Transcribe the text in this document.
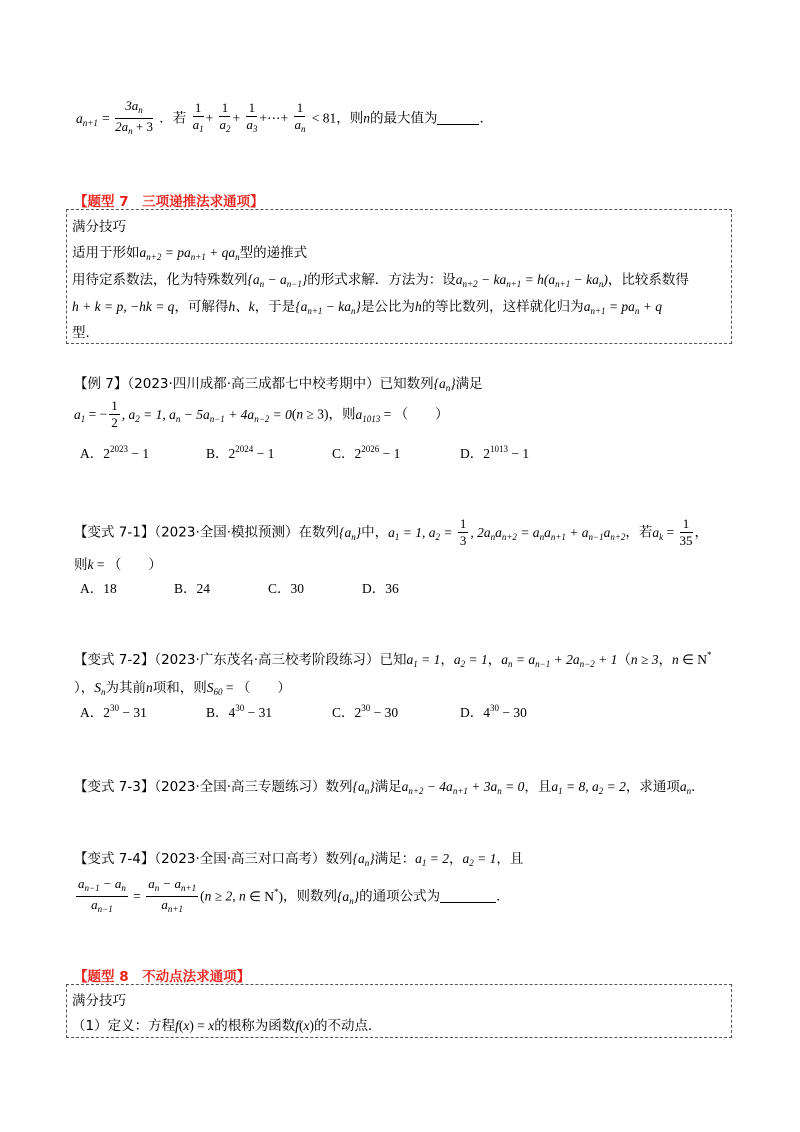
$a_{n+1} = \frac{3a_n}{2a_n + 3}$ ．若 $\frac{1}{a_1} + \frac{1}{a_2} + \frac{1}{a_3}$ +⋯+ $\frac{1}{a_n} < 81$，则n的最大值为	．
【题型 7　三项递推法求通项】
满分技巧
适用于形如$a_{n+2} = pa_{n+1} + qa_n$型的递推式
用待定系数法，化为特殊数列$\{a_n - a_{n-1}\}$的形式求解．方法为：设$a_{n+2} - ka_{n+1} = h(a_{n+1} - ka_n)$，比较系数得
h + k = p, −hk = q，可解得h、k，于是$\{a_{n+1} - ka_n\}$是公比为h的等比数列，这样就化归为$a_{n+1} = pa_n + q$
型．
【例 7】（2023·四川成都·高三成都七中校考期中）已知数列$\{a_n\}$满足
$a_1$ = − $\frac{1}{2}$ , $a_2 = 1$, $a_n - 5a_{n-1} + 4a_{n-2} = 0(n \ge 3)$，则$a_{1013}$ = （　　）
A．$2^{2023} - 1$	B．$2^{2024} - 1$	C．$2^{2026} - 1$	D．$2^{1013} - 1$
【变式 7-1】（2023·全国·模拟预测）在数列$\{a_n\}$中，$a_1 = 1$, $a_2 = \frac{1}{3}$ , $2a_na_{n+2} = a_na_{n+1} + a_{n-1}a_{n+2}$，若$a_k = \frac{1}{35}$ ，
则k = （　　）
A．18	B．24	C．30	D．36
【变式 7-2】（2023·广东茂名·高三校考阶段练习）已知$a_1 = 1$，$a_2 = 1$，$a_n = a_{n-1} + 2a_{n-2} + 1(n \ge 3$，n ∈ N*
），$S_n$为其前n项和，则$S_{60}$ = （　　）
A．$2^{30} - 31$	B．$4^{30} - 31$	C．$2^{30} - 30$	D．$4^{30} - 30$
【变式 7-3】（2023·全国·高三专题练习）数列$\{a_n\}$满足$a_{n+2} - 4a_{n+1} + 3a_n = 0$，且$a_1 = 8$, $a_2 = 2$，求通项$a_n$．
【变式 7-4】（2023·全国·高三对口高考）数列$\{a_n\}$满足：$a_1 = 2$，$a_2 = 1$，且
$\frac{a_{n-1} - a_n}{a_{n-1}} = \frac{a_n - a_{n+1}}{a_{n+1}} (n \ge 2$, n ∈ N*)，则数列$\{a_n\}$的通项公式为	．
【题型 8　不动点法求通项】
满分技巧
（1）定义：方程f(x) = x的根称为函数f(x)的不动点．
